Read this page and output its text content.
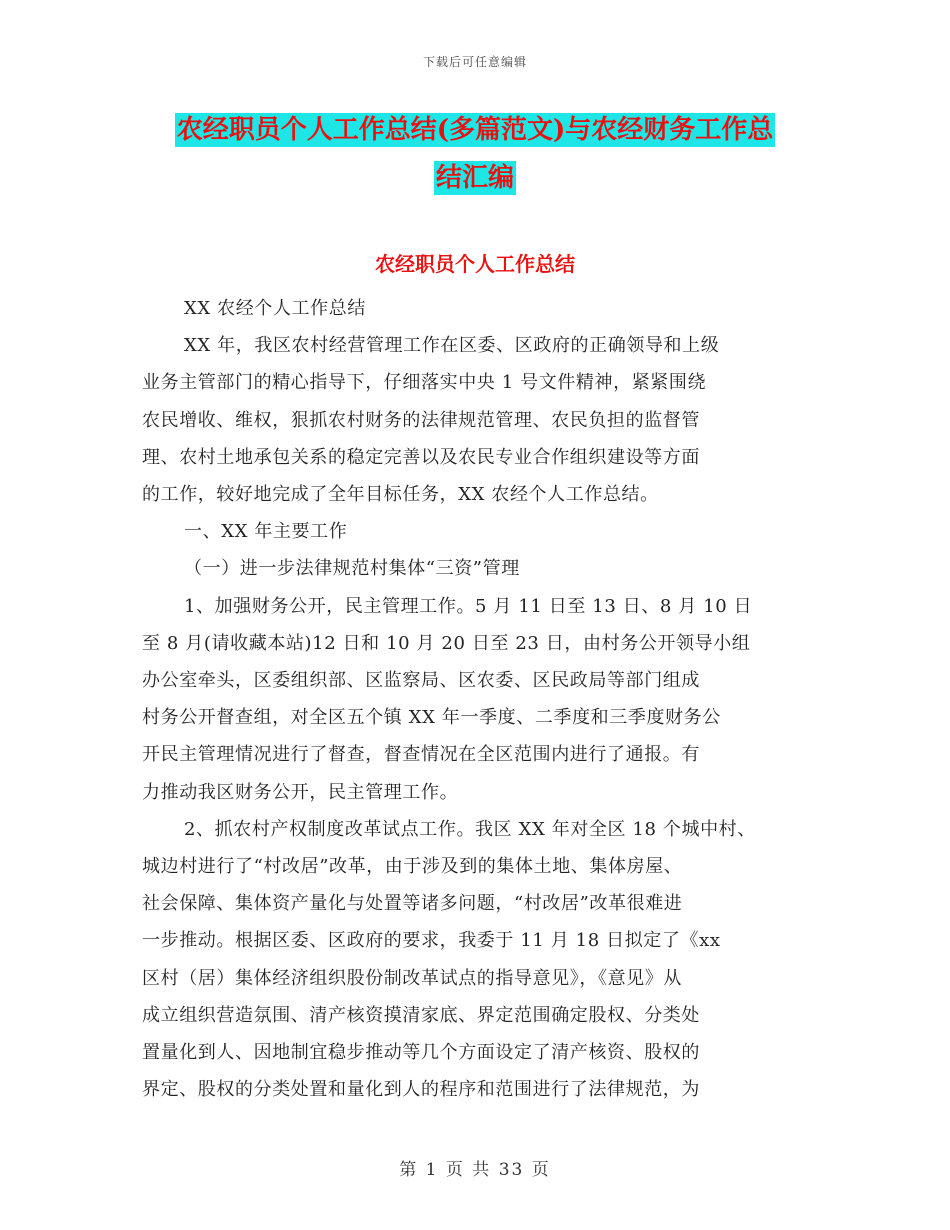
下载后可任意编辑
农经职员个人工作总结(多篇范文)与农经财务工作总
结汇编
农经职员个人工作总结
XX 农经个人工作总结
XX 年，我区农村经营管理工作在区委、区政府的正确领导和上级
业务主管部门的精心指导下，仔细落实中央 1 号文件精神，紧紧围绕
农民增收、维权，狠抓农村财务的法律规范管理、农民负担的监督管
理、农村土地承包关系的稳定完善以及农民专业合作组织建设等方面
的工作，较好地完成了全年目标任务，XX 农经个人工作总结。
一、XX 年主要工作
（一）进一步法律规范村集体“三资”管理
1、加强财务公开，民主管理工作。5 月 11 日至 13 日、8 月 10 日
至 8 月(请收藏本站)12 日和 10 月 20 日至 23 日，由村务公开领导小组
办公室牵头，区委组织部、区监察局、区农委、区民政局等部门组成
村务公开督查组，对全区五个镇 XX 年一季度、二季度和三季度财务公
开民主管理情况进行了督查，督查情况在全区范围内进行了通报。有
力推动我区财务公开，民主管理工作。
2、抓农村产权制度改革试点工作。我区 XX 年对全区 18 个城中村、
城边村进行了“村改居”改革，由于涉及到的集体土地、集体房屋、
社会保障、集体资产量化与处置等诸多问题，“村改居”改革很难进
一步推动。根据区委、区政府的要求，我委于 11 月 18 日拟定了《xx
区村（居）集体经济组织股份制改革试点的指导意见》，《意见》从
成立组织营造氛围、清产核资摸清家底、界定范围确定股权、分类处
置量化到人、因地制宜稳步推动等几个方面设定了清产核资、股权的
界定、股权的分类处置和量化到人的程序和范围进行了法律规范，为
第 1 页 共 33 页
